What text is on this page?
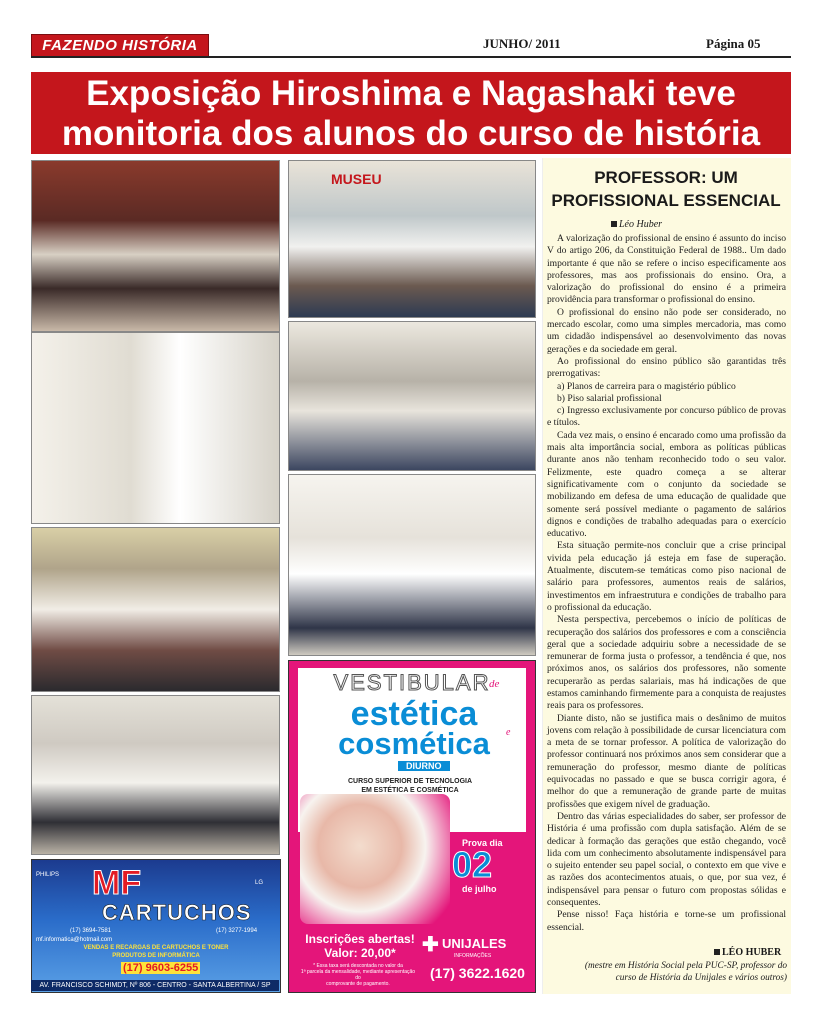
FAZENDO HISTÓRIA	JUNHO/ 2011	Página 05
Exposição Hiroshima e Nagashaki teve
monitoria dos alunos do curso de história
MUSEU
PHILIPS
LG
MF
CARTUCHOS
(17) 3694-7581	(17) 3277-1994
mf.informatica@hotmail.com
VENDAS E RECARGAS DE CARTUCHOS E TONER
PRODUTOS DE INFORMÁTICA
(17) 9603-6255
AV. FRANCISCO SCHIMDT, Nº 806 - CENTRO - SANTA ALBERTINA / SP
VESTIBULAR
de
estética
cosmética	e
DIURNO
CURSO SUPERIOR DE TECNOLOGIA
EM ESTÉTICA E COSMÉTICA
Prova dia
02
de julho
Inscrições abertas!
Valor: 20,00*
* Essa taxa será descontada no valor da
1ª parcela da mensalidade, mediante apresentação do
comprovante de pagamento.
✚ UNIJALES
INFORMAÇÕES
(17) 3622.1620
PROFESSOR: UM
PROFISSIONAL ESSENCIAL
Léo Huber

A valorização do profissional de ensino é assunto do inciso V do artigo 206, da Constituição Federal de 1988.. Um dado importante é que não se refere o inciso especificamente aos professores, mas aos profissionais do ensino. Ora, a valorização do profissional do ensino é a primeira providência para transformar o profissional do ensino.

O profissional do ensino não pode ser considerado, no mercado escolar, como uma simples mercadoria, mas como um cidadão indispensável ao desenvolvimento das novas gerações e da sociedade em geral.

Ao profissional do ensino público são garantidas três prerrogativas:

a) Planos de carreira para o magistério público

b) Piso salarial profissional

c) Ingresso exclusivamente por concurso público de provas e títulos.

Cada vez mais, o ensino é encarado como uma profissão da mais alta importância social, embora as políticas públicas durante anos não tenham reconhecido todo o seu valor. Felizmente, este quadro começa a se alterar significativamente com o conjunto da sociedade se mobilizando em defesa de uma educação de qualidade que somente será possível mediante o pagamento de salários dignos e condições de trabalho adequadas para o exercício educativo.

Esta situação permite-nos concluir que a crise principal vivida pela educação já esteja em fase de superação. Atualmente, discutem-se temáticas como piso nacional de salário para professores, aumentos reais de salários, investimentos em infraestrutura e condições de trabalho para o profissional da educação.

Nesta perspectiva, percebemos o início de políticas de recuperação dos salários dos professores e com a consciência geral que a sociedade adquiriu sobre a necessidade de se remunerar de forma justa o professor, a tendência é que, nos próximos anos, os salários dos professores, não somente recuperarão as perdas salariais, mas há indicações de que estamos caminhando firmemente para a conquista de reajustes reais para os professores.

Diante disto, não se justifica mais o desânimo de muitos jovens com relação à possibilidade de cursar licenciatura com a meta de se tornar professor. A política de valorização do professor continuará nos próximos anos sem considerar que a remuneração do professor, mesmo diante de políticas equivocadas no passado e que se busca corrigir agora, é melhor do que a remuneração de grande parte de muitas profissões que exigem nível de graduação.

Dentro das várias especialidades do saber, ser professor de História é uma profissão com dupla satisfação. Além de se dedicar à formação das gerações que estão chegando, você lida com um conhecimento absolutamente indispensável para o sujeito entender seu papel social, o contexto em que vive e as razões dos acontecimentos atuais, o que, por sua vez, é indispensável para pensar o futuro com propostas sólidas e consequentes.

Pense nisso! Faça história e torne-se um profissional essencial.

LÉO HUBER
(mestre em História Social pela PUC-SP, professor do curso de História da Unijales e vários outros)
